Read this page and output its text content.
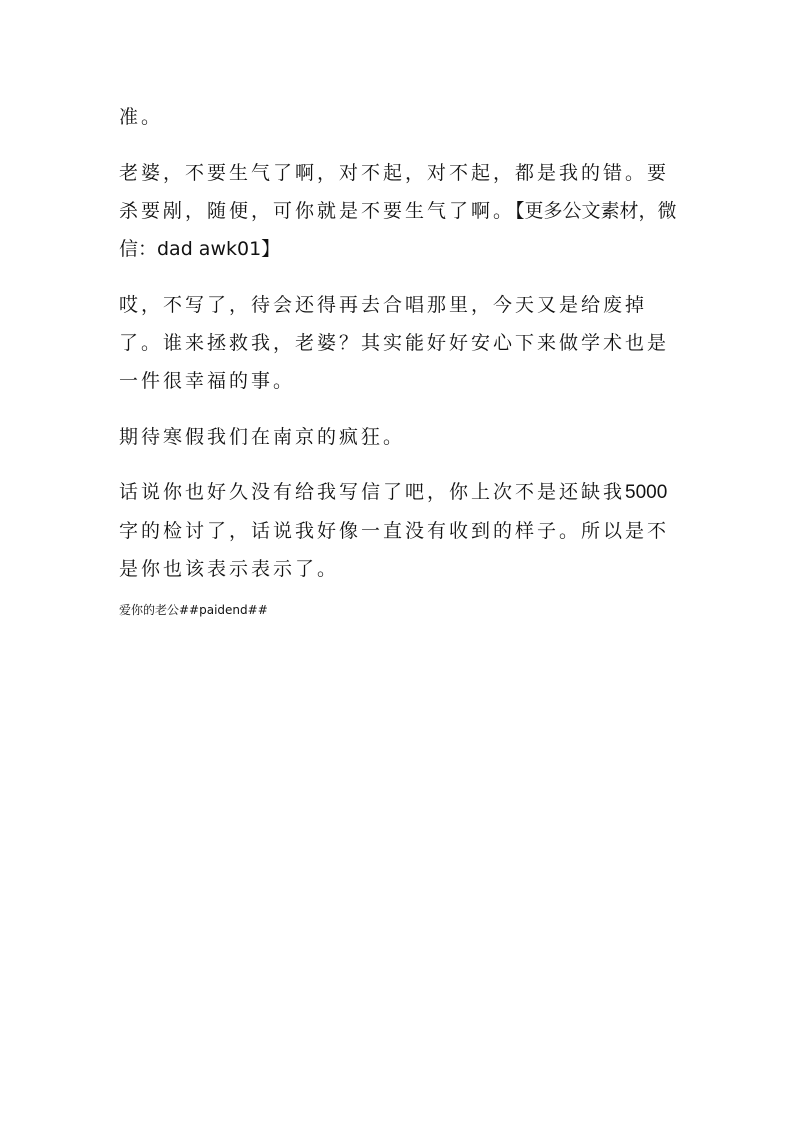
准。

老婆，不要生气了啊，对不起，对不起，都是我的错。要杀要剐，随便，可你就是不要生气了啊。【更多公文素材，微信：dad awk01】

哎，不写了，待会还得再去合唱那里，今天又是给废掉了。谁来拯救我，老婆？其实能好好安心下来做学术也是一件很幸福的事。

期待寒假我们在南京的疯狂。

话说你也好久没有给我写信了吧，你上次不是还缺我5000字的检讨了，话说我好像一直没有收到的样子。所以是不是你也该表示表示了。

爱你的老公##paidend##
